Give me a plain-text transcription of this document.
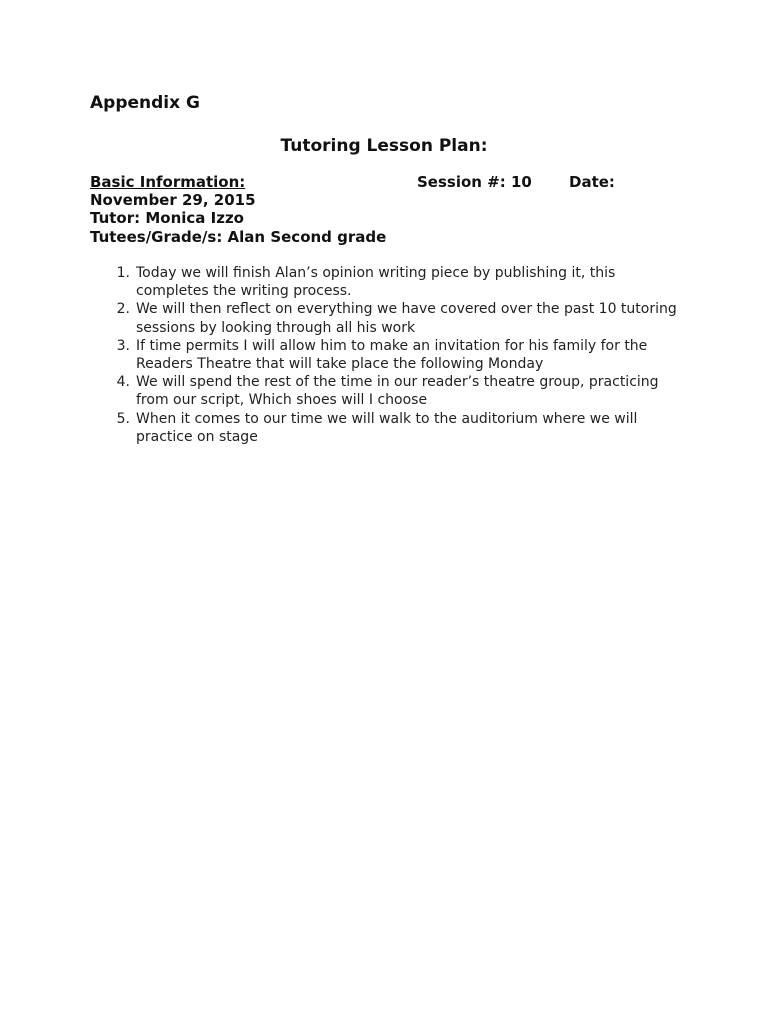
Appendix G
Tutoring Lesson Plan:
Basic Information:	Session #: 10 Date:
November 29, 2015
Tutor: Monica Izzo
Tutees/Grade/s: Alan Second grade
1. Today we will finish Alan’s opinion writing piece by publishing it, this completes the writing process.
2. We will then reflect on everything we have covered over the past 10 tutoring sessions by looking through all his work
3. If time permits I will allow him to make an invitation for his family for the Readers Theatre that will take place the following Monday
4. We will spend the rest of the time in our reader’s theatre group, practicing from our script, Which shoes will I choose
5. When it comes to our time we will walk to the auditorium where we will practice on stage
